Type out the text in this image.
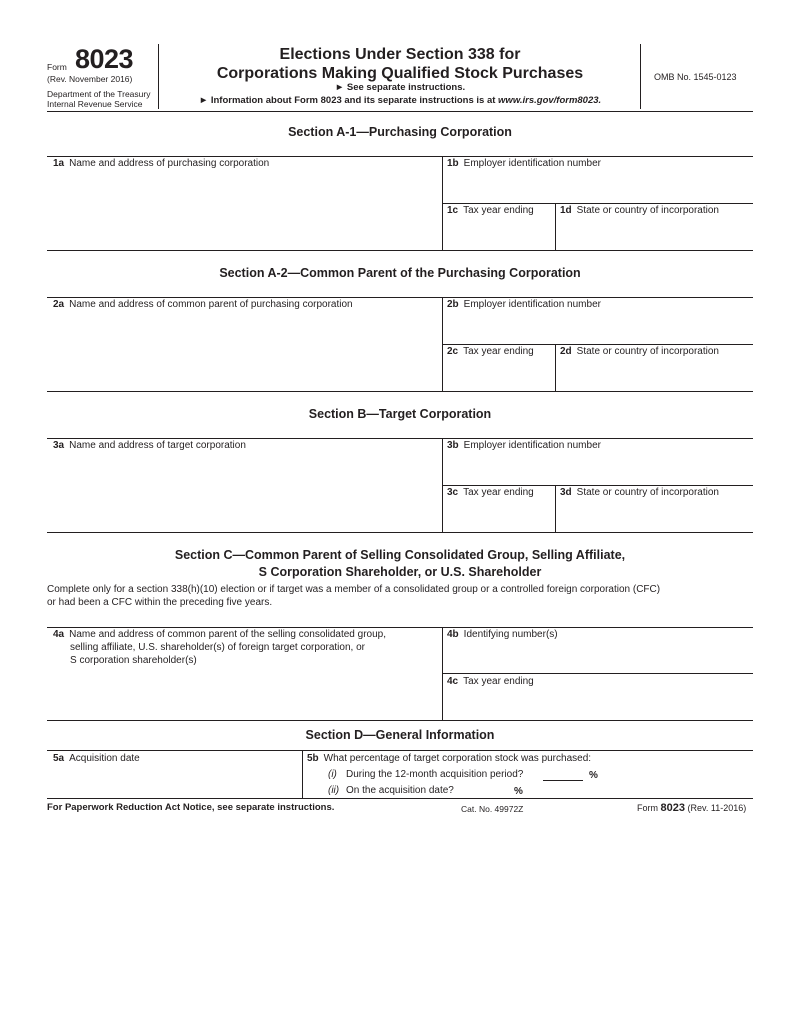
Form 8023
(Rev. November 2016)
Department of the Treasury
Internal Revenue Service
Elections Under Section 338 for
Corporations Making Qualified Stock Purchases
► See separate instructions.
► Information about Form 8023 and its separate instructions is at www.irs.gov/form8023.
OMB No. 1545-0123
Section A-1—Purchasing Corporation
1a Name and address of purchasing corporation	1b Employer identification number
1c Tax year ending	1d State or country of incorporation
Section A-2—Common Parent of the Purchasing Corporation
2a Name and address of common parent of purchasing corporation	2b Employer identification number
2c Tax year ending	2d State or country of incorporation
Section B—Target Corporation
3a Name and address of target corporation	3b Employer identification number
3c Tax year ending	3d State or country of incorporation
Section C—Common Parent of Selling Consolidated Group, Selling Affiliate,
S Corporation Shareholder, or U.S. Shareholder
Complete only for a section 338(h)(10) election or if target was a member of a consolidated group or a controlled foreign corporation (CFC)
or had been a CFC within the preceding five years.
4a Name and address of common parent of the selling consolidated group,
selling affiliate, U.S. shareholder(s) of foreign target corporation, or
S corporation shareholder(s)
4b Identifying number(s)
4c Tax year ending
Section D—General Information
5a Acquisition date	5b What percentage of target corporation stock was purchased:
(i) During the 12-month acquisition period?	%
(ii) On the acquisition date?	%
For Paperwork Reduction Act Notice, see separate instructions.	Cat. No. 49972Z	Form 8023 (Rev. 11-2016)
